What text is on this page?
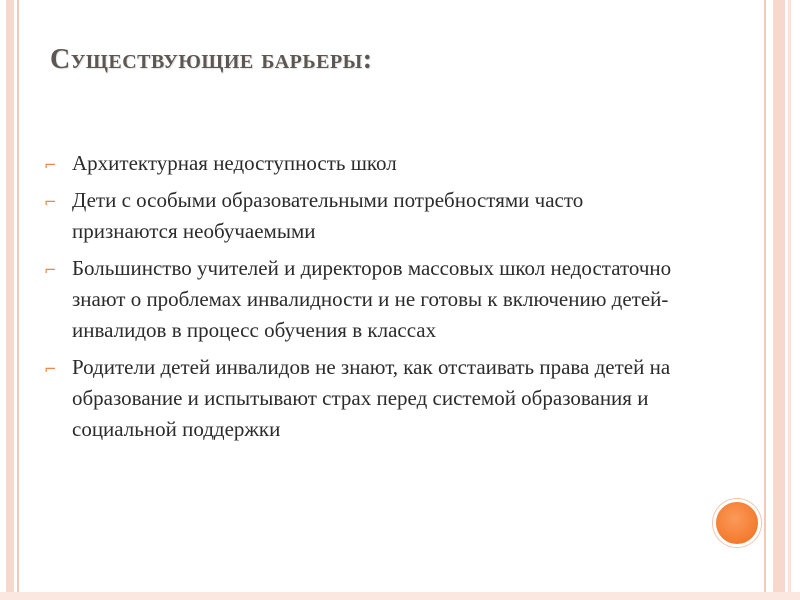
Существующие барьеры:
⌐ Архитектурная недоступность школ
⌐ Дети с особыми образовательными потребностями часто признаются необучаемыми
⌐ Большинство учителей и директоров массовых школ недостаточно знают о проблемах инвалидности и не готовы к включению детей- инвалидов в процесс обучения в классах
⌐ Родители детей инвалидов не знают, как отстаивать права детей на образование и испытывают страх перед системой образования и социальной поддержки
